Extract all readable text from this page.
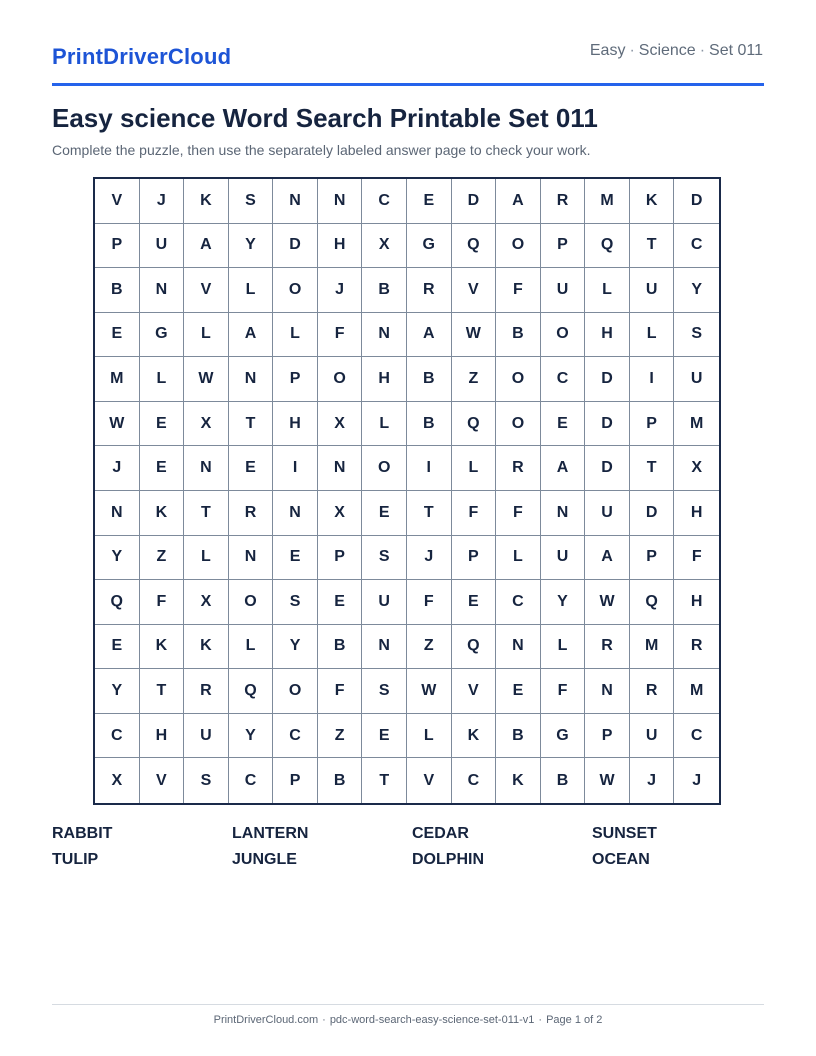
PrintDriverCloud	Easy · Science · Set 011
Easy science Word Search Printable Set 011
Complete the puzzle, then use the separately labeled answer page to check your work.
V	J	K	S	N	N	C	E	D	A	R	M	K	D
P	U	A	Y	D	H	X	G	Q	O	P	Q	T	C
B	N	V	L	O	J	B	R	V	F	U	L	U	Y
E	G	L	A	L	F	N	A	W	B	O	H	L	S
M	L	W	N	P	O	H	B	Z	O	C	D	I	U
W	E	X	T	H	X	L	B	Q	O	E	D	P	M
J	E	N	E	I	N	O	I	L	R	A	D	T	X
N	K	T	R	N	X	E	T	F	F	N	U	D	H
Y	Z	L	N	E	P	S	J	P	L	U	A	P	F
Q	F	X	O	S	E	U	F	E	C	Y	W	Q	H
E	K	K	L	Y	B	N	Z	Q	N	L	R	M	R
Y	T	R	Q	O	F	S	W	V	E	F	N	R	M
C	H	U	Y	C	Z	E	L	K	B	G	P	U	C
X	V	S	C	P	B	T	V	C	K	B	W	J	J
RABBIT	LANTERN	CEDAR	SUNSET
TULIP	JUNGLE	DOLPHIN	OCEAN
PrintDriverCloud.com · pdc-word-search-easy-science-set-011-v1 · Page 1 of 2
